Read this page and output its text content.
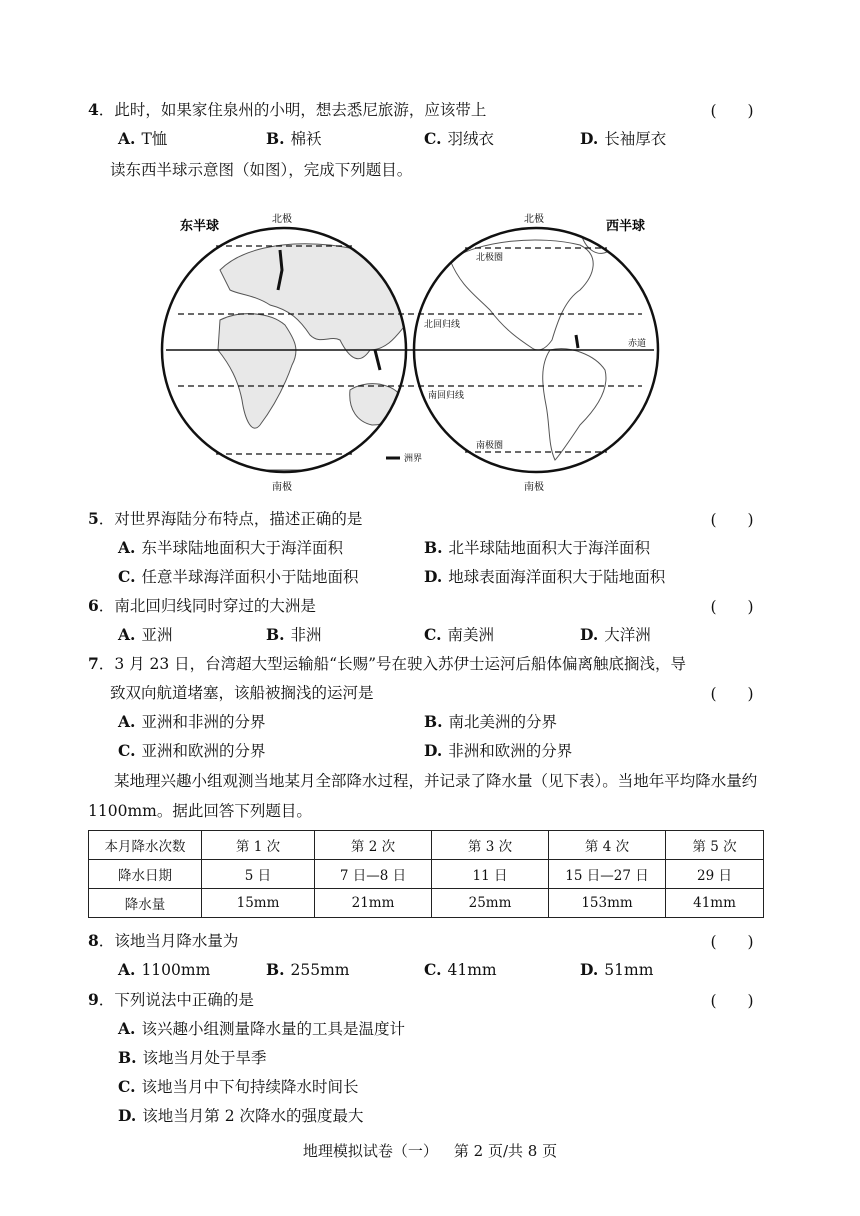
4．此时，如果家住泉州的小明，想去悉尼旅游，应该带上	(　　)
A. T恤	B. 棉袄	C. 羽绒衣	D. 长袖厚衣
读东西半球示意图（如图），完成下列题目。
东半球	西半球
北极	北极
南极	南极
北极圈
北回归线
赤道
南回归线
南极圈
洲界
5．对世界海陆分布特点，描述正确的是	(　　)
A. 东半球陆地面积大于海洋面积	B. 北半球陆地面积大于海洋面积
C. 任意半球海洋面积小于陆地面积	D. 地球表面海洋面积大于陆地面积
6．南北回归线同时穿过的大洲是	(　　)
A. 亚洲	B. 非洲	C. 南美洲	D. 大洋洲
7．3 月 23 日，台湾超大型运输船“长赐”号在驶入苏伊士运河后船体偏离触底搁浅，导
致双向航道堵塞，该船被搁浅的运河是	(　　)
A. 亚洲和非洲的分界	B. 南北美洲的分界
C. 亚洲和欧洲的分界	D. 非洲和欧洲的分界
某地理兴趣小组观测当地某月全部降水过程，并记录了降水量（见下表）。当地年平均降水量约 1100mm。据此回答下列题目。
本月降水次数	第 1 次	第 2 次	第 3 次	第 4 次	第 5 次
降水日期	5 日	7 日—8 日	11 日	15 日—27 日	29 日
降水量	15mm	21mm	25mm	153mm	41mm
8．该地当月降水量为	(　　)
A. 1100mm	B. 255mm	C. 41mm	D. 51mm
9．下列说法中正确的是	(　　)
A. 该兴趣小组测量降水量的工具是温度计
B. 该地当月处于旱季
C. 该地当月中下旬持续降水时间长
D. 该地当月第 2 次降水的强度最大
地理模拟试卷（一） 第 2 页/共 8 页
